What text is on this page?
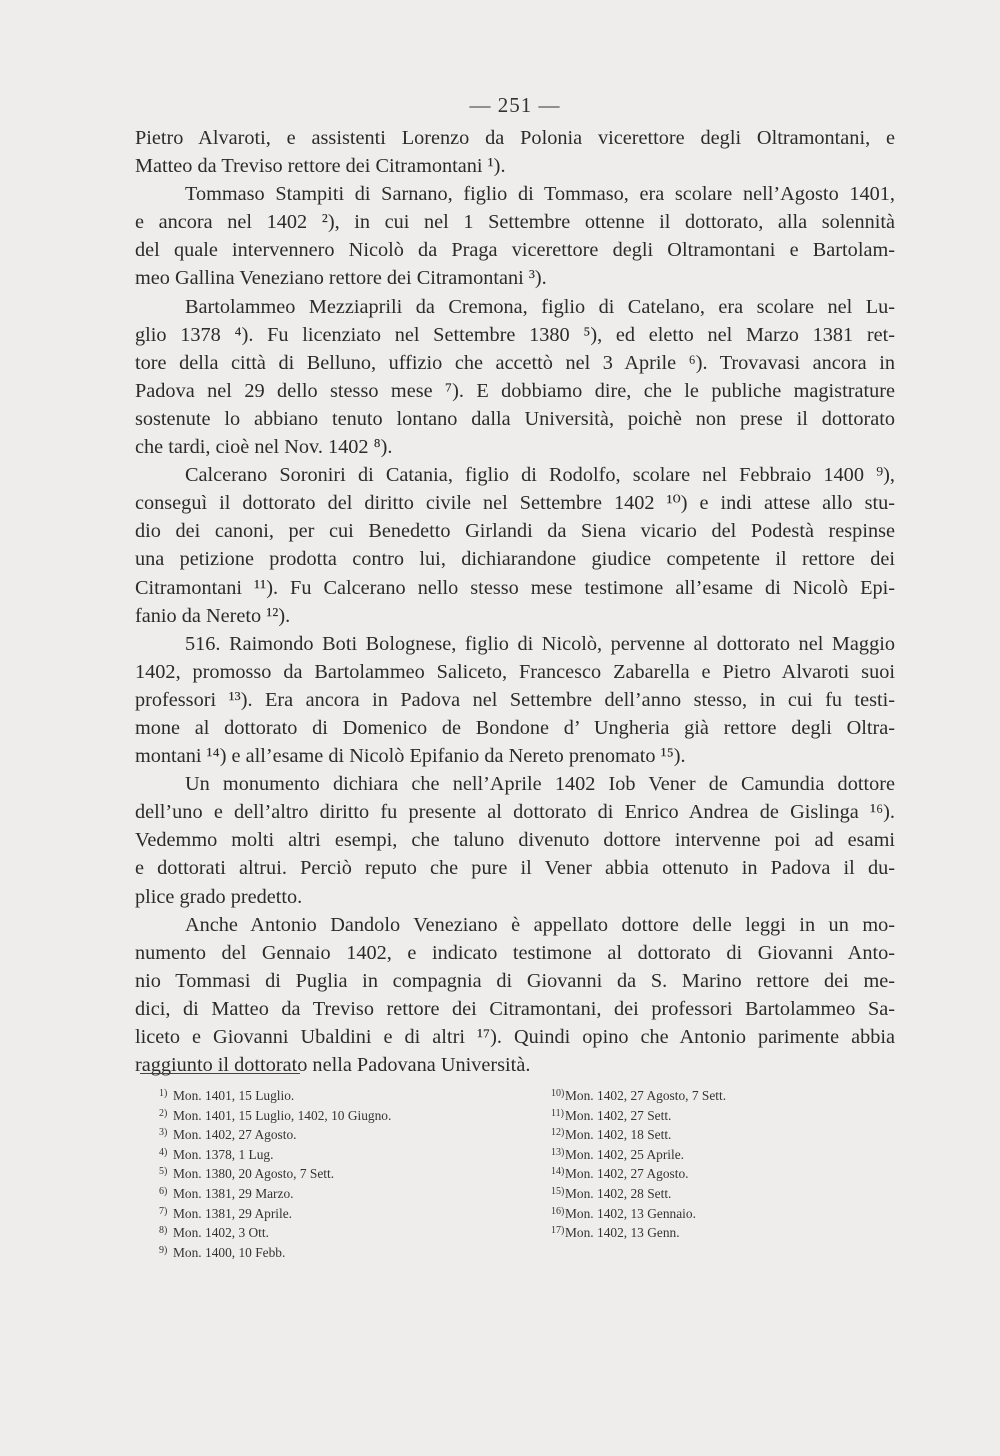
— 251 —
Pietro Alvaroti, e assistenti Lorenzo da Polonia vicerettore degli Oltramontani, e
Matteo da Treviso rettore dei Citramontani ¹).
Tommaso Stampiti di Sarnano, figlio di Tommaso, era scolare nell’Agosto 1401,
e ancora nel 1402 ²), in cui nel 1 Settembre ottenne il dottorato, alla solennità
del quale intervennero Nicolò da Praga vicerettore degli Oltramontani e Bartolam-
meo Gallina Veneziano rettore dei Citramontani ³).
Bartolammeo Mezziaprili da Cremona, figlio di Catelano, era scolare nel Lu-
glio 1378 ⁴). Fu licenziato nel Settembre 1380 ⁵), ed eletto nel Marzo 1381 ret-
tore della città di Belluno, uffizio che accettò nel 3 Aprile ⁶). Trovavasi ancora in
Padova nel 29 dello stesso mese ⁷). E dobbiamo dire, che le publiche magistrature
sostenute lo abbiano tenuto lontano dalla Università, poichè non prese il dottorato
che tardi, cioè nel Nov. 1402 ⁸).
Calcerano Soroniri di Catania, figlio di Rodolfo, scolare nel Febbraio 1400 ⁹),
conseguì il dottorato del diritto civile nel Settembre 1402 ¹⁰) e indi attese allo stu-
dio dei canoni, per cui Benedetto Girlandi da Siena vicario del Podestà respinse
una petizione prodotta contro lui, dichiarandone giudice competente il rettore dei
Citramontani ¹¹). Fu Calcerano nello stesso mese testimone all’esame di Nicolò Epi-
fanio da Nereto ¹²).
516. Raimondo Boti Bolognese, figlio di Nicolò, pervenne al dottorato nel Maggio
1402, promosso da Bartolammeo Saliceto, Francesco Zabarella e Pietro Alvaroti suoi
professori ¹³). Era ancora in Padova nel Settembre dell’anno stesso, in cui fu testi-
mone al dottorato di Domenico de Bondone d’ Ungheria già rettore degli Oltra-
montani ¹⁴) e all’esame di Nicolò Epifanio da Nereto prenomato ¹⁵).
Un monumento dichiara che nell’Aprile 1402 Iob Vener de Camundia dottore
dell’uno e dell’altro diritto fu presente al dottorato di Enrico Andrea de Gislinga ¹⁶).
Vedemmo molti altri esempi, che taluno divenuto dottore intervenne poi ad esami
e dottorati altrui. Perciò reputo che pure il Vener abbia ottenuto in Padova il du-
plice grado predetto.
Anche Antonio Dandolo Veneziano è appellato dottore delle leggi in un mo-
numento del Gennaio 1402, e indicato testimone al dottorato di Giovanni Anto-
nio Tommasi di Puglia in compagnia di Giovanni da S. Marino rettore dei me-
dici, di Matteo da Treviso rettore dei Citramontani, dei professori Bartolammeo Sa-
liceto e Giovanni Ubaldini e di altri ¹⁷). Quindi opino che Antonio parimente abbia
raggiunto il dottorato nella Padovana Università.
1) Mon. 1401, 15 Luglio.
2) Mon. 1401, 15 Luglio, 1402, 10 Giugno.
3) Mon. 1402, 27 Agosto.
4) Mon. 1378, 1 Lug.
5) Mon. 1380, 20 Agosto, 7 Sett.
6) Mon. 1381, 29 Marzo.
7) Mon. 1381, 29 Aprile.
8) Mon. 1402, 3 Ott.
9) Mon. 1400, 10 Febb.
10) Mon. 1402, 27 Agosto, 7 Sett.
11) Mon. 1402, 27 Sett.
12) Mon. 1402, 18 Sett.
13) Mon. 1402, 25 Aprile.
14) Mon. 1402, 27 Agosto.
15) Mon. 1402, 28 Sett.
16) Mon. 1402, 13 Gennaio.
17) Mon. 1402, 13 Genn.
